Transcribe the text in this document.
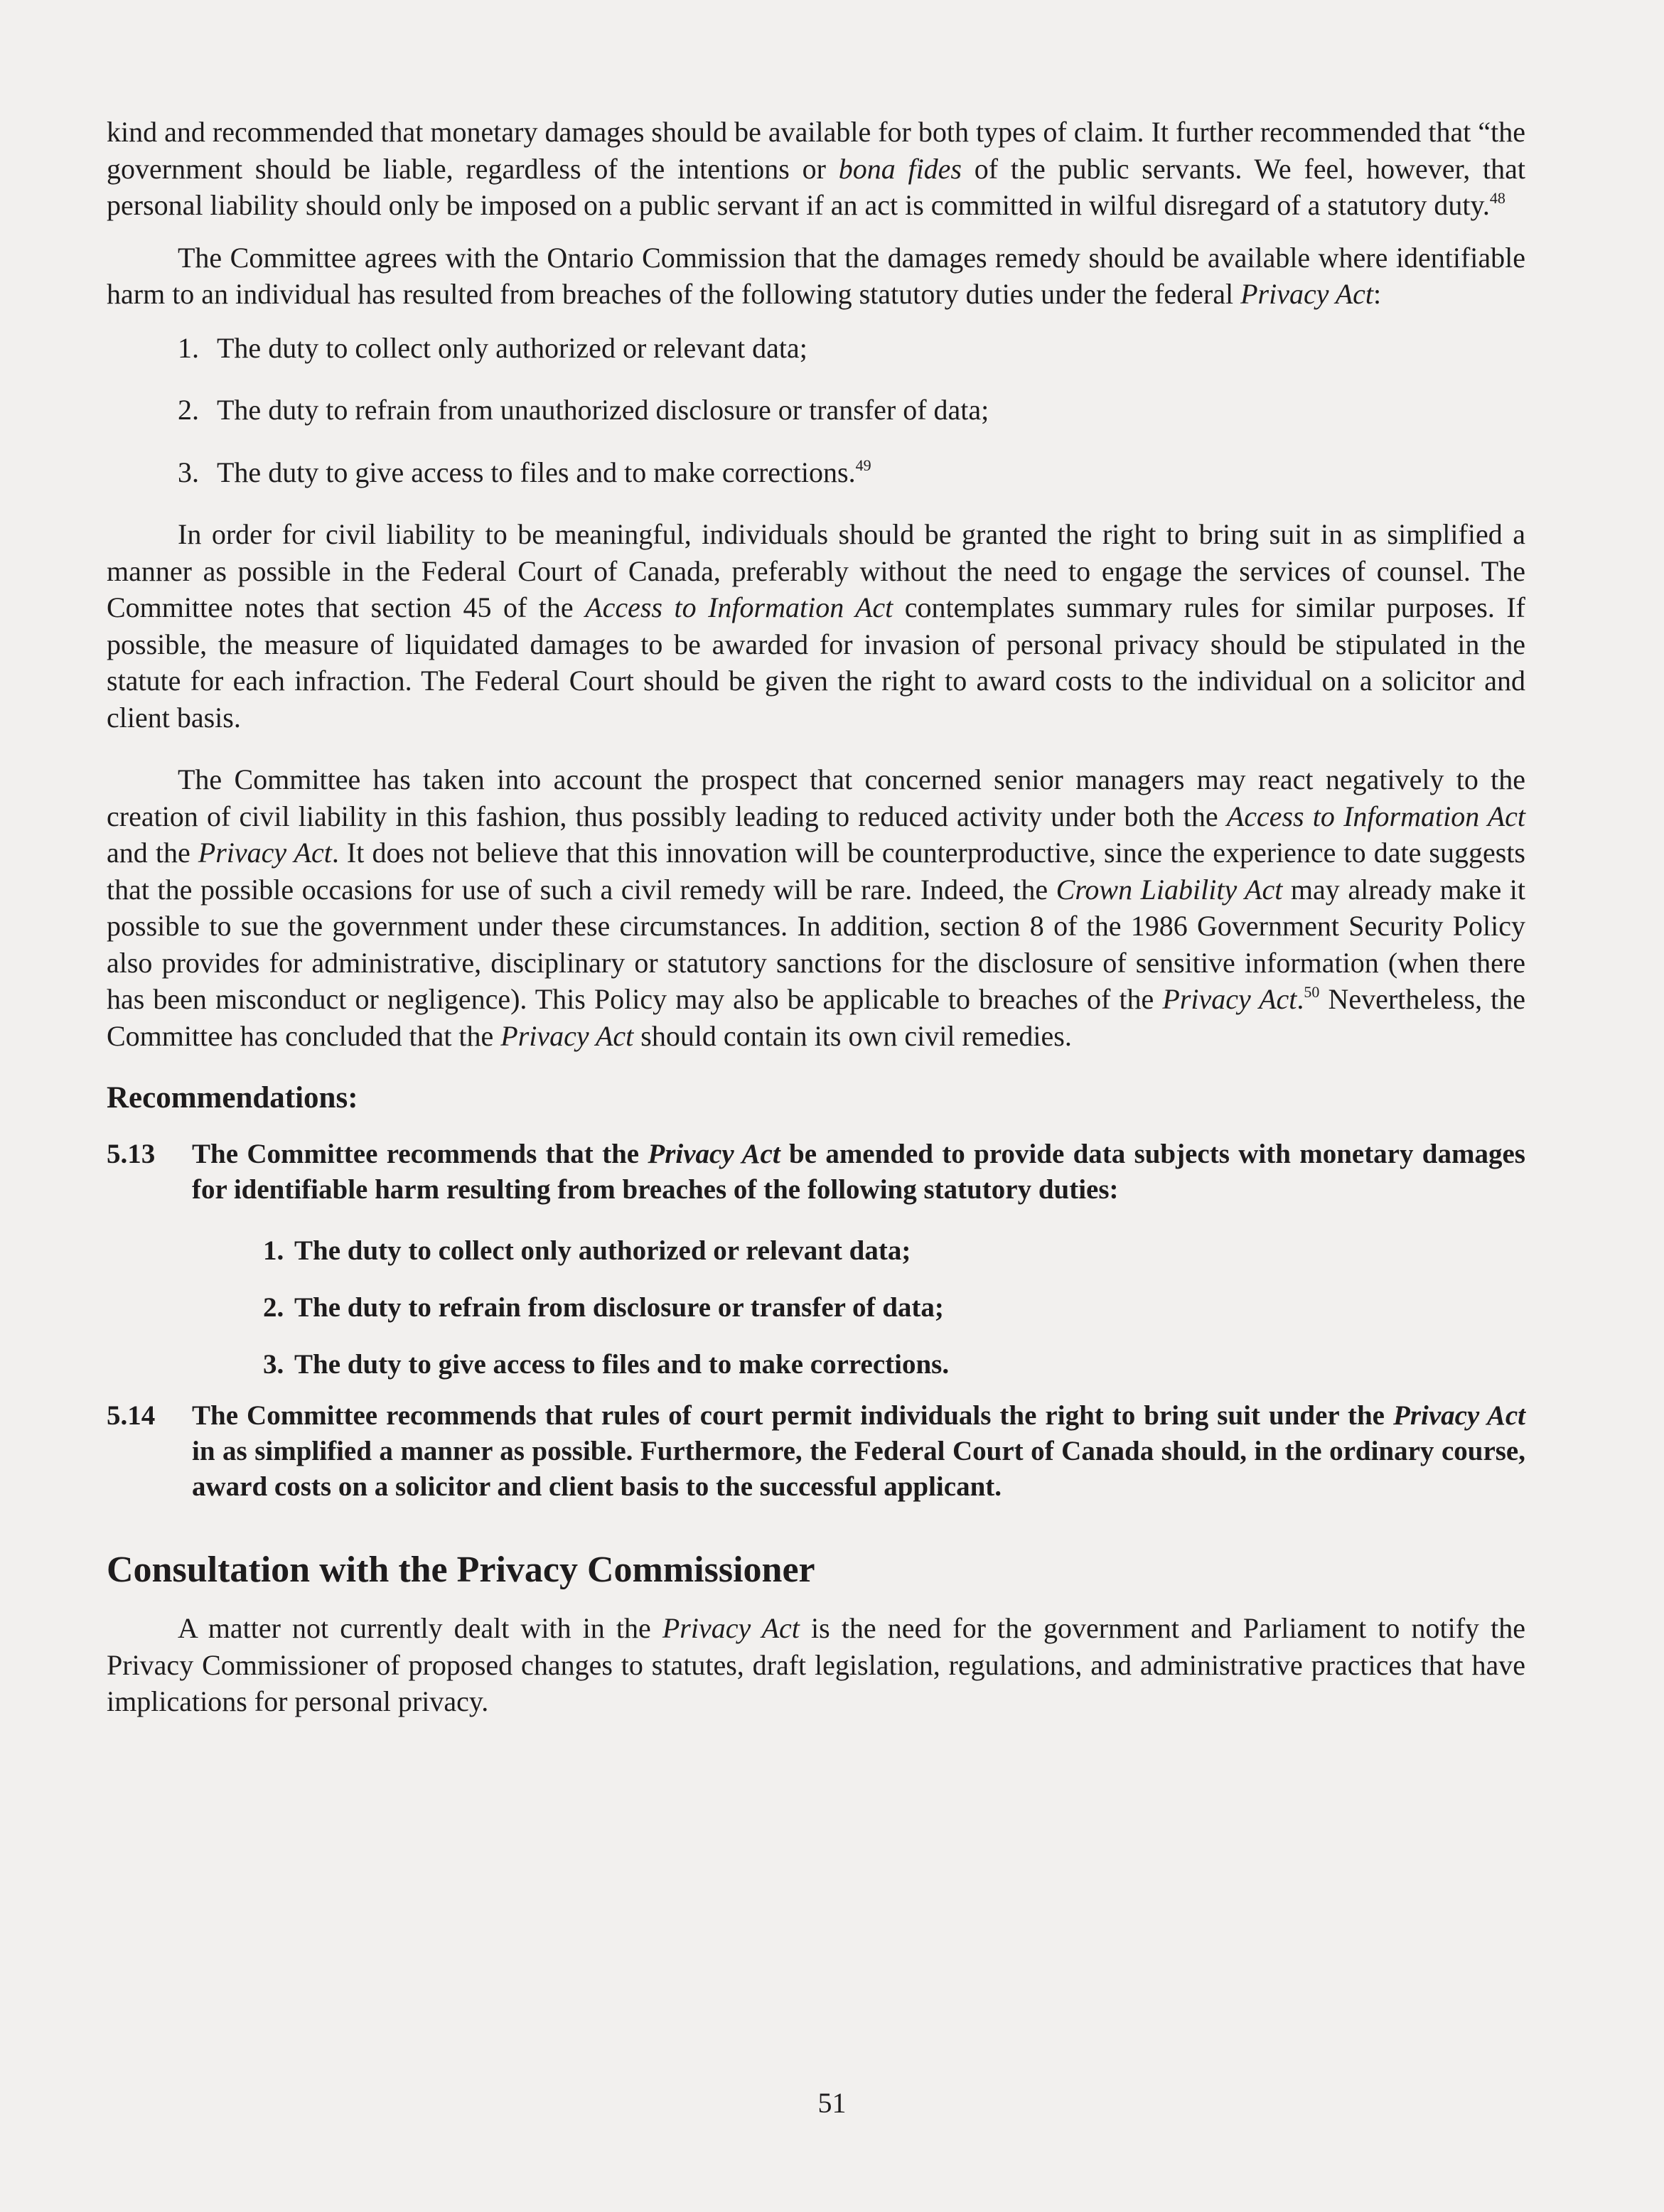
kind and recommended that monetary damages should be available for both types of claim. It further recommended that “the government should be liable, regardless of the intentions or bona fides of the public servants. We feel, however, that personal liability should only be imposed on a public servant if an act is committed in wilful disregard of a statutory duty.$^{48}$

The Committee agrees with the Ontario Commission that the damages remedy should be available where identifiable harm to an individual has resulted from breaches of the following statutory duties under the federal Privacy Act:

1. The duty to collect only authorized or relevant data;
2. The duty to refrain from unauthorized disclosure or transfer of data;
3. The duty to give access to files and to make corrections.$^{49}$

In order for civil liability to be meaningful, individuals should be granted the right to bring suit in as simplified a manner as possible in the Federal Court of Canada, preferably without the need to engage the services of counsel. The Committee notes that section 45 of the Access to Information Act contemplates summary rules for similar purposes. If possible, the measure of liquidated damages to be awarded for invasion of personal privacy should be stipulated in the statute for each infraction. The Federal Court should be given the right to award costs to the individual on a solicitor and client basis.

The Committee has taken into account the prospect that concerned senior managers may react negatively to the creation of civil liability in this fashion, thus possibly leading to reduced activity under both the Access to Information Act and the Privacy Act. It does not believe that this innovation will be counterproductive, since the experience to date suggests that the possible occasions for use of such a civil remedy will be rare. Indeed, the Crown Liability Act may already make it possible to sue the government under these circumstances. In addition, section 8 of the 1986 Government Security Policy also provides for administrative, disciplinary or statutory sanctions for the disclosure of sensitive information (when there has been misconduct or negligence). This Policy may also be applicable to breaches of the Privacy Act.$^{50}$ Nevertheless, the Committee has concluded that the Privacy Act should contain its own civil remedies.

Recommendations:
5.13	The Committee recommends that the Privacy Act be amended to provide data subjects with monetary damages for identifiable harm resulting from breaches of the following statutory duties:
1. The duty to collect only authorized or relevant data;
2. The duty to refrain from disclosure or transfer of data;
3. The duty to give access to files and to make corrections.
5.14	The Committee recommends that rules of court permit individuals the right to bring suit under the Privacy Act in as simplified a manner as possible. Furthermore, the Federal Court of Canada should, in the ordinary course, award costs on a solicitor and client basis to the successful applicant.
Consultation with the Privacy Commissioner

A matter not currently dealt with in the Privacy Act is the need for the government and Parliament to notify the Privacy Commissioner of proposed changes to statutes, draft legislation, regulations, and administrative practices that have implications for personal privacy.

51
